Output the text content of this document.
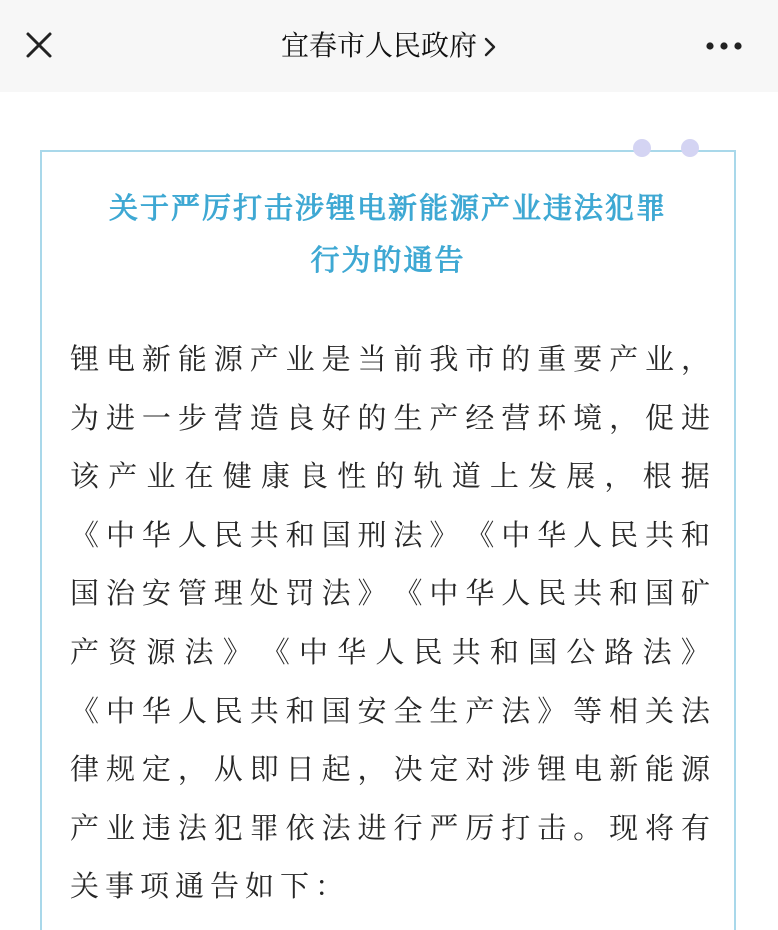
宜春市人民政府
关于严厉打击涉锂电新能源产业违法犯罪
行为的通告
锂 电 新 能 源 产 业 是 当 前 我 市 的 重 要 产 业 ，
为 进 一 步 营 造 良 好 的 生 产 经 营 环 境 ， 促 进
该 产 业 在 健 康 良 性 的 轨 道 上 发 展 ， 根 据
《 中 华 人 民 共 和 国 刑 法 》 《 中 华 人 民 共 和
国 治 安 管 理 处 罚 法 》 《 中 华 人 民 共 和 国 矿
产 资 源 法 》 《 中 华 人 民 共 和 国 公 路 法 》
《 中 华 人 民 共 和 国 安 全 生 产 法 》 等 相 关 法
律 规 定 ， 从 即 日 起 ， 决 定 对 涉 锂 电 新 能 源
产 业 违 法 犯 罪 依 法 进 行 严 厉 打 击 。 现 将 有
关事项通告如下：
